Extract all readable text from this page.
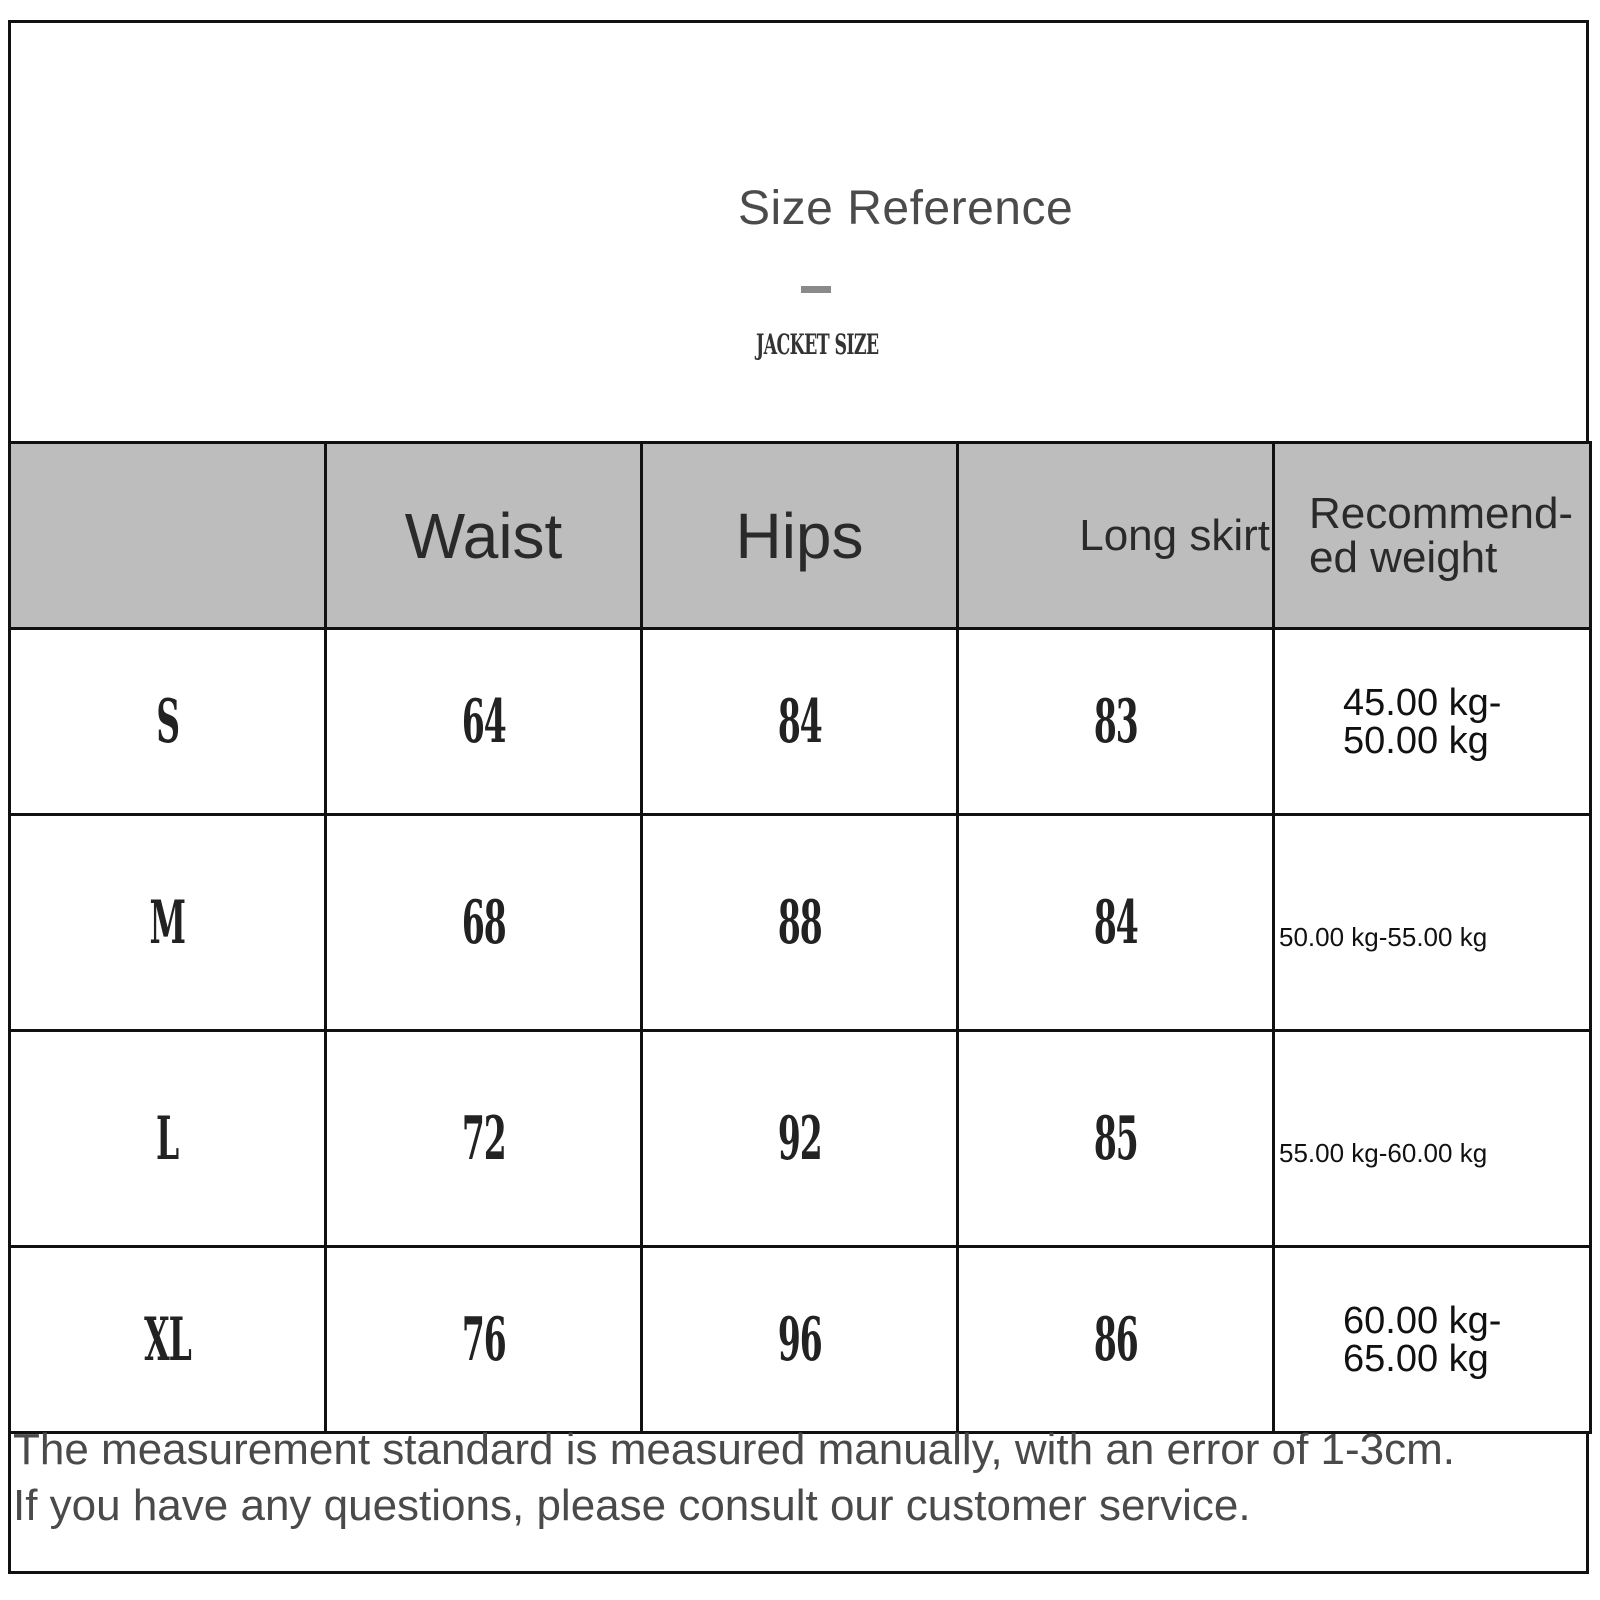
Size Reference
JACKET SIZE
	Waist	Hips	Long skirt	Recommend-
ed weight
S	64	84	83	45.00 kg-50.00 kg
M	68	88	84	50.00 kg-55.00 kg
L	72	92	85	55.00 kg-60.00 kg
XL	76	96	86	60.00 kg-65.00 kg
The measurement standard is measured manually, with an error of 1-3cm.
If you have any questions, please consult our customer service.
